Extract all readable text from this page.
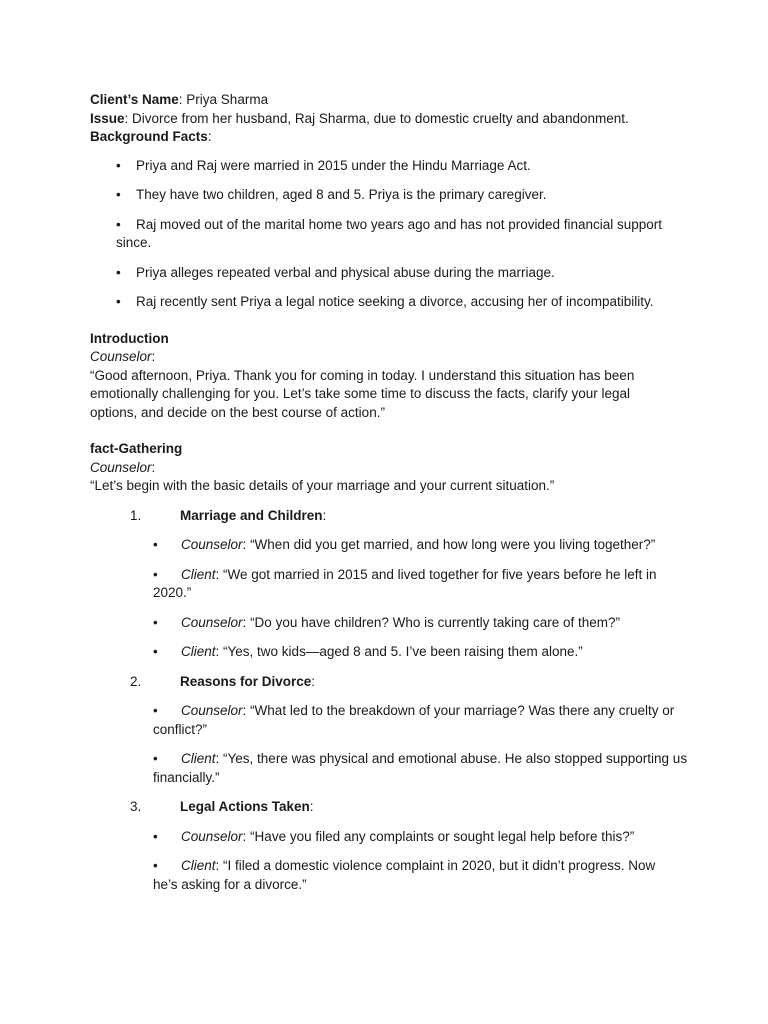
Client’s Name: Priya Sharma

Issue: Divorce from her husband, Raj Sharma, due to domestic cruelty and abandonment.

Background Facts:

• Priya and Raj were married in 2015 under the Hindu Marriage Act.
• They have two children, aged 8 and 5. Priya is the primary caregiver.
• Raj moved out of the marital home two years ago and has not provided financial support since.
• Priya alleges repeated verbal and physical abuse during the marriage.
• Raj recently sent Priya a legal notice seeking a divorce, accusing her of incompatibility.

Introduction

Counselor:

“Good afternoon, Priya. Thank you for coming in today. I understand this situation has been emotionally challenging for you. Let’s take some time to discuss the facts, clarify your legal options, and decide on the best course of action.”

fact-Gathering

Counselor:

“Let’s begin with the basic details of your marriage and your current situation.”

1.	Marriage and Children:
• Counselor: “When did you get married, and how long were you living together?”
• Client: “We got married in 2015 and lived together for five years before he left in 2020.”
• Counselor: “Do you have children? Who is currently taking care of them?”
• Client: “Yes, two kids—aged 8 and 5. I’ve been raising them alone.”
2.	Reasons for Divorce:
• Counselor: “What led to the breakdown of your marriage? Was there any cruelty or conflict?”
• Client: “Yes, there was physical and emotional abuse. He also stopped supporting us financially.”
3.	Legal Actions Taken:
• Counselor: “Have you filed any complaints or sought legal help before this?”
• Client: “I filed a domestic violence complaint in 2020, but it didn’t progress. Now he’s asking for a divorce.”
